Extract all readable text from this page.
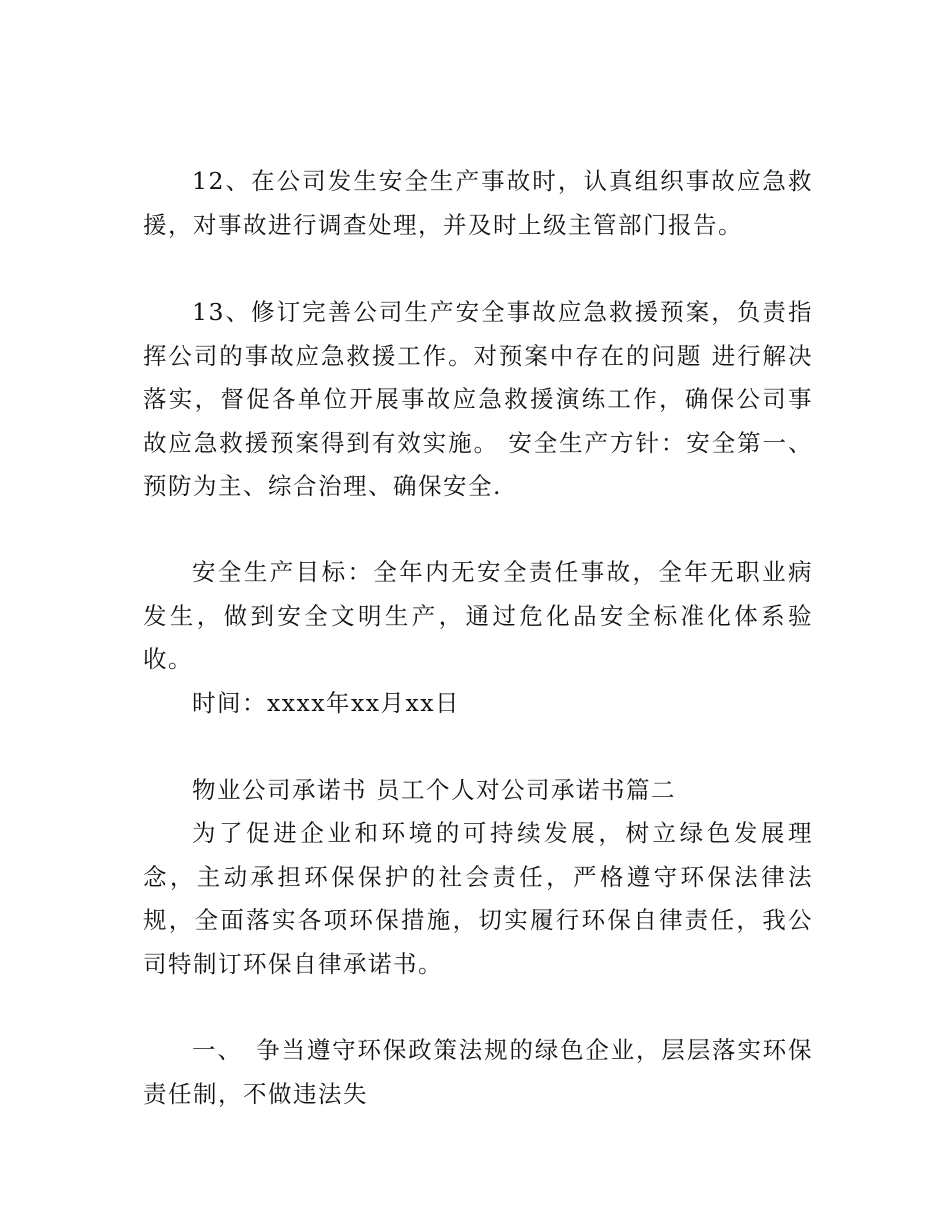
12、在公司发生安全生产事故时，认真组织事故应急救援，对事故进行调查处理，并及时上级主管部门报告。

13、修订完善公司生产安全事故应急救援预案，负责指挥公司的事故应急救援工作。对预案中存在的问题 进行解决落实，督促各单位开展事故应急救援演练工作，确保公司事故应急救援预案得到有效实施。 安全生产方针：安全第一、预防为主、综合治理、确保安全.

安全生产目标：全年内无安全责任事故，全年无职业病发生，做到安全文明生产，通过危化品安全标准化体系验收。

时间：xxxx年xx月xx日

物业公司承诺书 员工个人对公司承诺书篇二

为了促进企业和环境的可持续发展，树立绿色发展理念，主动承担环保保护的社会责任，严格遵守环保法律法规，全面落实各项环保措施，切实履行环保自律责任，我公司特制订环保自律承诺书。

一、　争当遵守环保政策法规的绿色企业，层层落实环保责任制，不做违法失
